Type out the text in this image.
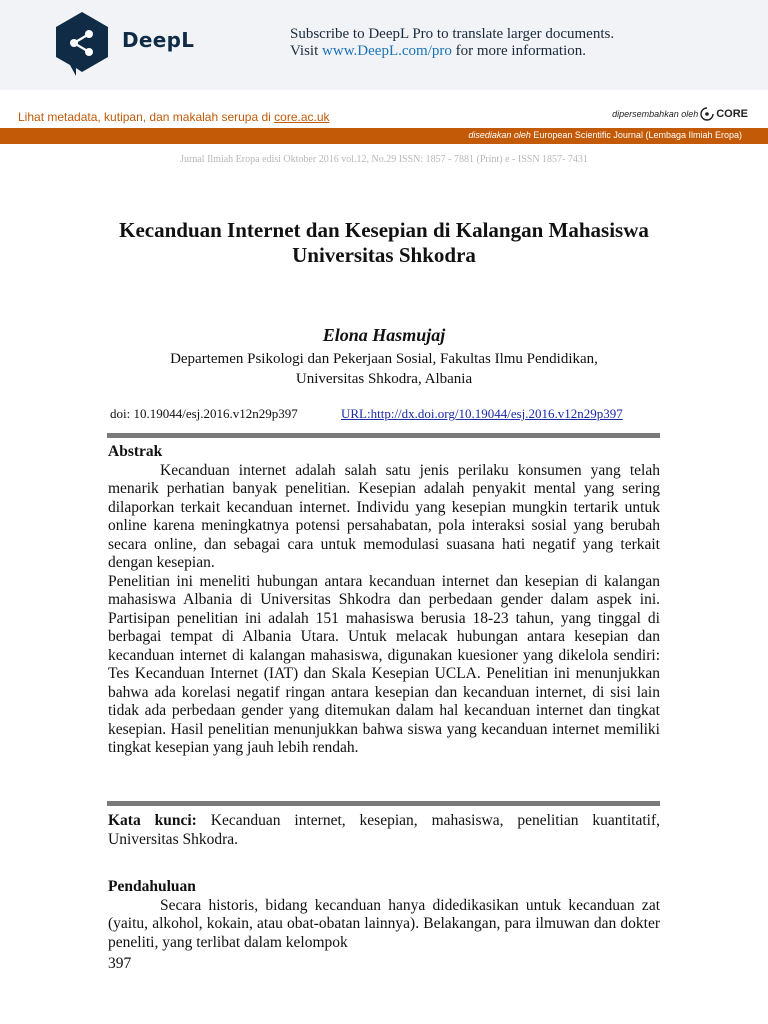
DeepL	Subscribe to DeepL Pro to translate larger documents.
Visit www.DeepL.com/pro for more information.
Lihat metadata, kutipan, dan makalah serupa di core.ac.uk	dipersembahkan oleh CORE
disediakan oleh European Scientific Journal (Lembaga Ilmiah Eropa)
Jurnal Ilmiah Eropa edisi Oktober 2016 vol.12, No.29 ISSN: 1857 - 7881 (Print) e - ISSN 1857- 7431
Kecanduan Internet dan Kesepian di Kalangan Mahasiswa Universitas Shkodra
Elona Hasmujaj
Departemen Psikologi dan Pekerjaan Sosial, Fakultas Ilmu Pendidikan, Universitas Shkodra, Albania
doi: 10.19044/esj.2016.v12n29p397	URL:http://dx.doi.org/10.19044/esj.2016.v12n29p397

Abstrak

Kecanduan internet adalah salah satu jenis perilaku konsumen yang telah menarik perhatian banyak penelitian. Kesepian adalah penyakit mental yang sering dilaporkan terkait kecanduan internet. Individu yang kesepian mungkin tertarik untuk online karena meningkatnya potensi persahabatan, pola interaksi sosial yang berubah secara online, dan sebagai cara untuk memodulasi suasana hati negatif yang terkait dengan kesepian.

Penelitian ini meneliti hubungan antara kecanduan internet dan kesepian di kalangan mahasiswa Albania di Universitas Shkodra dan perbedaan gender dalam aspek ini. Partisipan penelitian ini adalah 151 mahasiswa berusia 18-23 tahun, yang tinggal di berbagai tempat di Albania Utara. Untuk melacak hubungan antara kesepian dan kecanduan internet di kalangan mahasiswa, digunakan kuesioner yang dikelola sendiri: Tes Kecanduan Internet (IAT) dan Skala Kesepian UCLA. Penelitian ini menunjukkan bahwa ada korelasi negatif ringan antara kesepian dan kecanduan internet, di sisi lain tidak ada perbedaan gender yang ditemukan dalam hal kecanduan internet dan tingkat kesepian. Hasil penelitian menunjukkan bahwa siswa yang kecanduan internet memiliki tingkat kesepian yang jauh lebih rendah.

Kata kunci: Kecanduan internet, kesepian, mahasiswa, penelitian kuantitatif, Universitas Shkodra.

Pendahuluan

Secara historis, bidang kecanduan hanya didedikasikan untuk kecanduan zat (yaitu, alkohol, kokain, atau obat-obatan lainnya). Belakangan, para ilmuwan dan dokter peneliti, yang terlibat dalam kelompok

397
